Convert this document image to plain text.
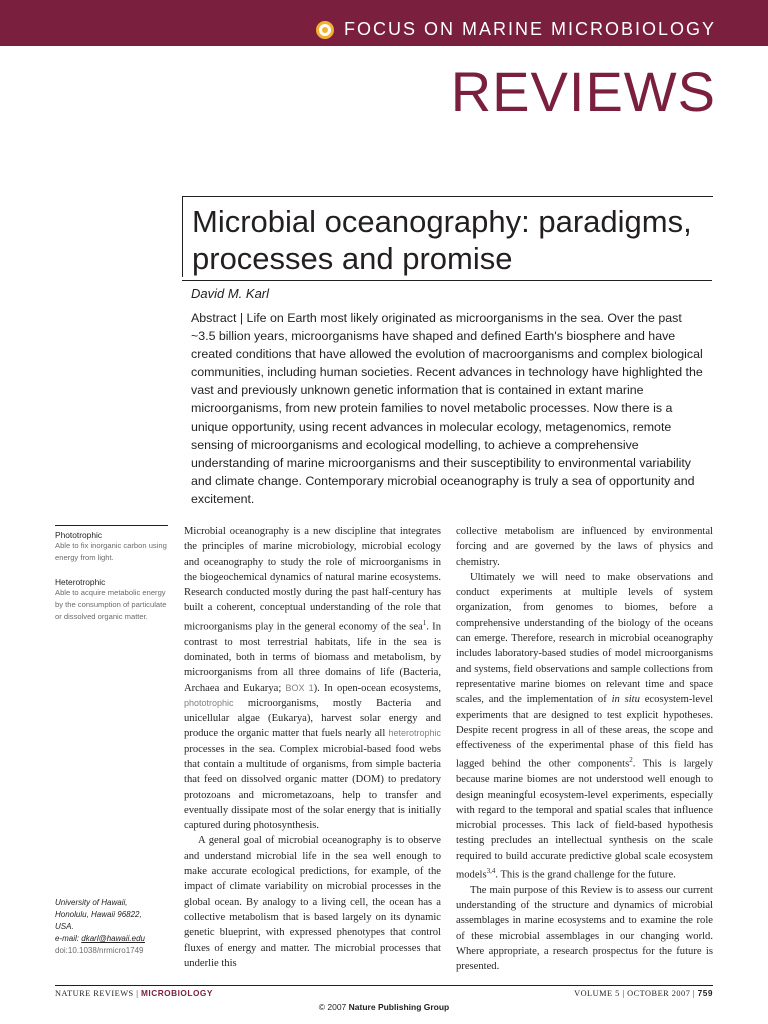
FOCUS ON MARINE MICROBIOLOGY
REVIEWS
Microbial oceanography: paradigms, processes and promise
David M. Karl
Abstract | Life on Earth most likely originated as microorganisms in the sea. Over the past ~3.5 billion years, microorganisms have shaped and defined Earth's biosphere and have created conditions that have allowed the evolution of macroorganisms and complex biological communities, including human societies. Recent advances in technology have highlighted the vast and previously unknown genetic information that is contained in extant marine microorganisms, from new protein families to novel metabolic processes. Now there is a unique opportunity, using recent advances in molecular ecology, metagenomics, remote sensing of microorganisms and ecological modelling, to achieve a comprehensive understanding of marine microorganisms and their susceptibility to environmental variability and climate change. Contemporary microbial oceanography is truly a sea of opportunity and excitement.
Phototrophic
Able to fix inorganic carbon using energy from light.
Heterotrophic
Able to acquire metabolic energy by the consumption of particulate or dissolved organic matter.
University of Hawaii,
Honolulu, Hawaii 96822,
USA.
e-mail: dkarl@hawaii.edu
doi:10.1038/nrmicro1749

Microbial oceanography is a new discipline that integrates the principles of marine microbiology, microbial ecology and oceanography to study the role of microorganisms in the biogeochemical dynamics of natural marine ecosystems. Research conducted mostly during the past half-century has built a coherent, conceptual understanding of the role that microorganisms play in the general economy of the sea$^1$. In contrast to most terrestrial habitats, life in the sea is dominated, both in terms of biomass and metabolism, by microorganisms from all three domains of life (Bacteria, Archaea and Eukarya; BOX 1). In open-ocean ecosystems, phototrophic microorganisms, mostly Bacteria and unicellular algae (Eukarya), harvest solar energy and produce the organic matter that fuels nearly all heterotrophic processes in the sea. Complex microbial-based food webs that contain a multitude of organisms, from simple bacteria that feed on dissolved organic matter (DOM) to predatory protozoans and micrometazoans, help to transfer and eventually dissipate most of the solar energy that is initially captured during photosynthesis.

A general goal of microbial oceanography is to observe and understand microbial life in the sea well enough to make accurate ecological predictions, for example, of the impact of climate variability on microbial processes in the global ocean. By analogy to a living cell, the ocean has a collective metabolism that is based largely on its dynamic genetic blueprint, with expressed phenotypes that control fluxes of energy and matter. The microbial processes that underlie this

collective metabolism are influenced by environmental forcing and are governed by the laws of physics and chemistry.

Ultimately we will need to make observations and conduct experiments at multiple levels of system organization, from genomes to biomes, before a comprehensive understanding of the biology of the oceans can emerge. Therefore, research in microbial oceanography includes laboratory-based studies of model microorganisms and systems, field observations and sample collections from representative marine biomes on relevant time and space scales, and the implementation of in situ ecosystem-level experiments that are designed to test explicit hypotheses. Despite recent progress in all of these areas, the scope and effectiveness of the experimental phase of this field has lagged behind the other components$^2$. This is largely because marine biomes are not understood well enough to design meaningful ecosystem-level experiments, especially with regard to the temporal and spatial scales that influence microbial processes. This lack of field-based hypothesis testing precludes an intellectual synthesis on the scale required to build accurate predictive global scale ecosystem models$^{3,4}$. This is the grand challenge for the future.

The main purpose of this Review is to assess our current understanding of the structure and dynamics of microbial assemblages in marine ecosystems and to examine the role of these microbial assemblages in our changing world. Where appropriate, a research prospectus for the future is presented.

NATURE REVIEWS | MICROBIOLOGY	VOLUME 5 | OCTOBER 2007 | 759
© 2007 Nature Publishing Group
